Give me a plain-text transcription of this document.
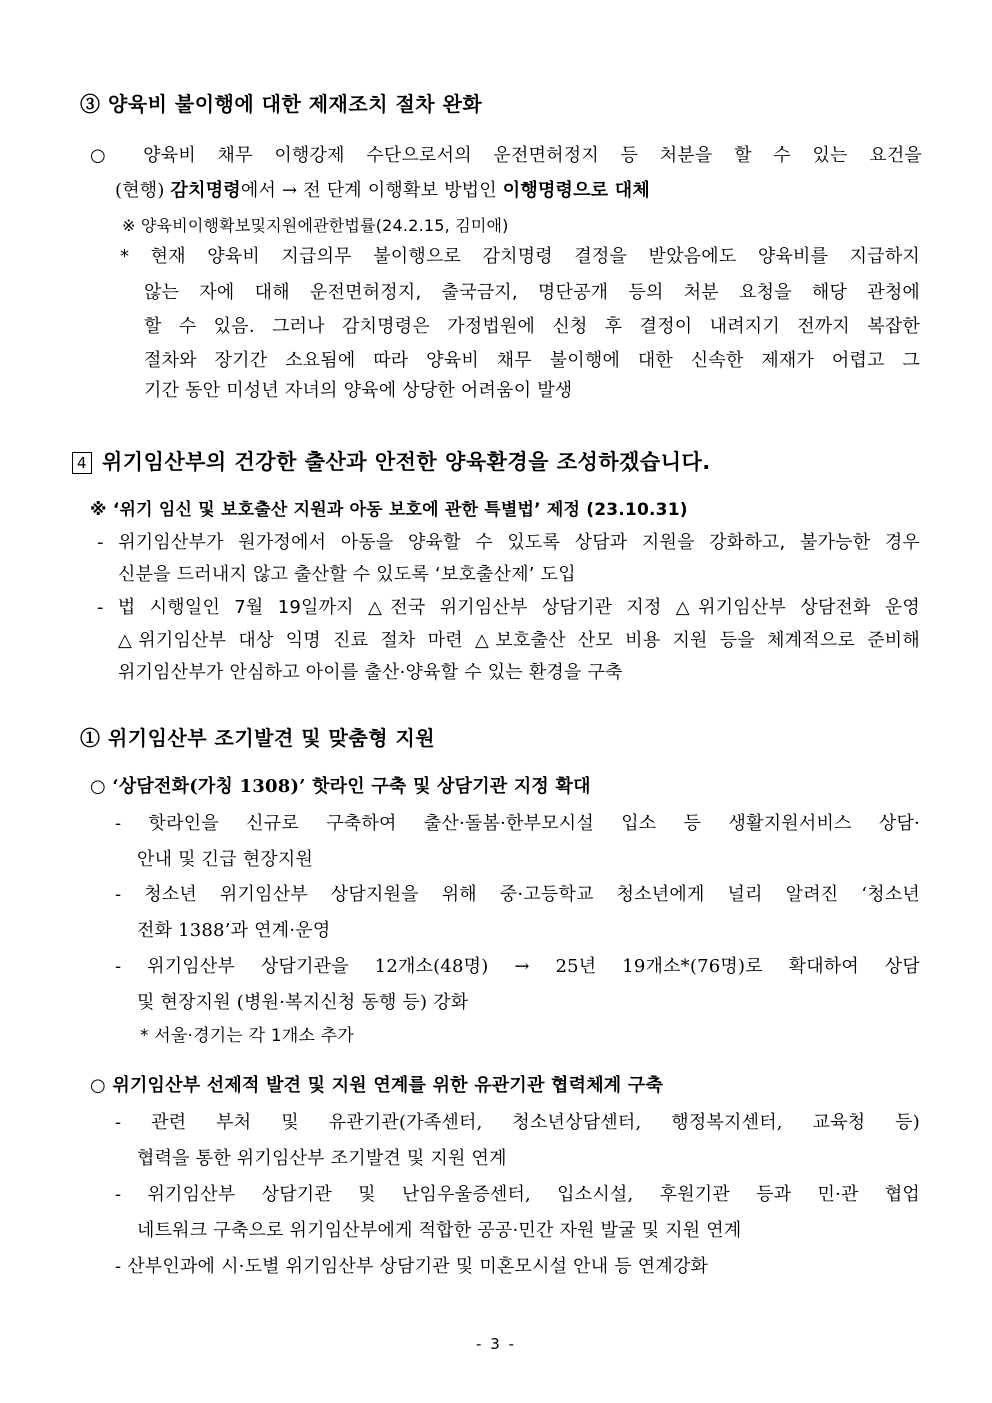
③ 양육비 불이행에 대한 제재조치 절차 완화
○ 양육비 채무 이행강제 수단으로서의 운전면허정지 등 처분을 할 수 있는 요건을
(현행) 감치명령에서 → 전 단계 이행확보 방법인 이행명령으로 대체
※ 양육비이행확보및지원에관한법률(24.2.15, 김미애)
* 현재 양육비 지급의무 불이행으로 감치명령 결정을 받았음에도 양육비를 지급하지
않는 자에 대해 운전면허정지, 출국금지, 명단공개 등의 처분 요청을 해당 관청에
할 수 있음. 그러나 감치명령은 가정법원에 신청 후 결정이 내려지기 전까지 복잡한
절차와 장기간 소요됨에 따라 양육비 채무 불이행에 대한 신속한 제재가 어렵고 그
기간 동안 미성년 자녀의 양육에 상당한 어려움이 발생
4 위기임산부의 건강한 출산과 안전한 양육환경을 조성하겠습니다.
※ ‘위기 임신 및 보호출산 지원과 아동 보호에 관한 특별법’ 제정 (23.10.31)
- 위기임산부가 원가정에서 아동을 양육할 수 있도록 상담과 지원을 강화하고, 불가능한 경우
신분을 드러내지 않고 출산할 수 있도록 ‘보호출산제’ 도입
- 법 시행일인 7월 19일까지 △전국 위기임산부 상담기관 지정 △위기임산부 상담전화 운영
△위기임산부 대상 익명 진료 절차 마련 △보호출산 산모 비용 지원 등을 체계적으로 준비해
위기임산부가 안심하고 아이를 출산·양육할 수 있는 환경을 구축
① 위기임산부 조기발견 및 맞춤형 지원
○ ‘상담전화(가칭 1308)’ 핫라인 구축 및 상담기관 지정 확대
- 핫라인을 신규로 구축하여 출산·돌봄·한부모시설 입소 등 생활지원서비스 상담·
안내 및 긴급 현장지원
- 청소년 위기임산부 상담지원을 위해 중·고등학교 청소년에게 널리 알려진 ‘청소년
전화 1388’과 연계·운영
- 위기임산부 상담기관을 12개소(48명) → 25년 19개소*(76명)로 확대하여 상담
및 현장지원 (병원·복지신청 동행 등) 강화
* 서울·경기는 각 1개소 추가
○ 위기임산부 선제적 발견 및 지원 연계를 위한 유관기관 협력체계 구축
- 관련 부처 및 유관기관(가족센터, 청소년상담센터, 행정복지센터, 교육청 등)
협력을 통한 위기임산부 조기발견 및 지원 연계
- 위기임산부 상담기관 및 난임우울증센터, 입소시설, 후원기관 등과 민·관 협업
네트워크 구축으로 위기임산부에게 적합한 공공·민간 자원 발굴 및 지원 연계
- 산부인과에 시·도별 위기임산부 상담기관 및 미혼모시설 안내 등 연계강화
- 3 -
